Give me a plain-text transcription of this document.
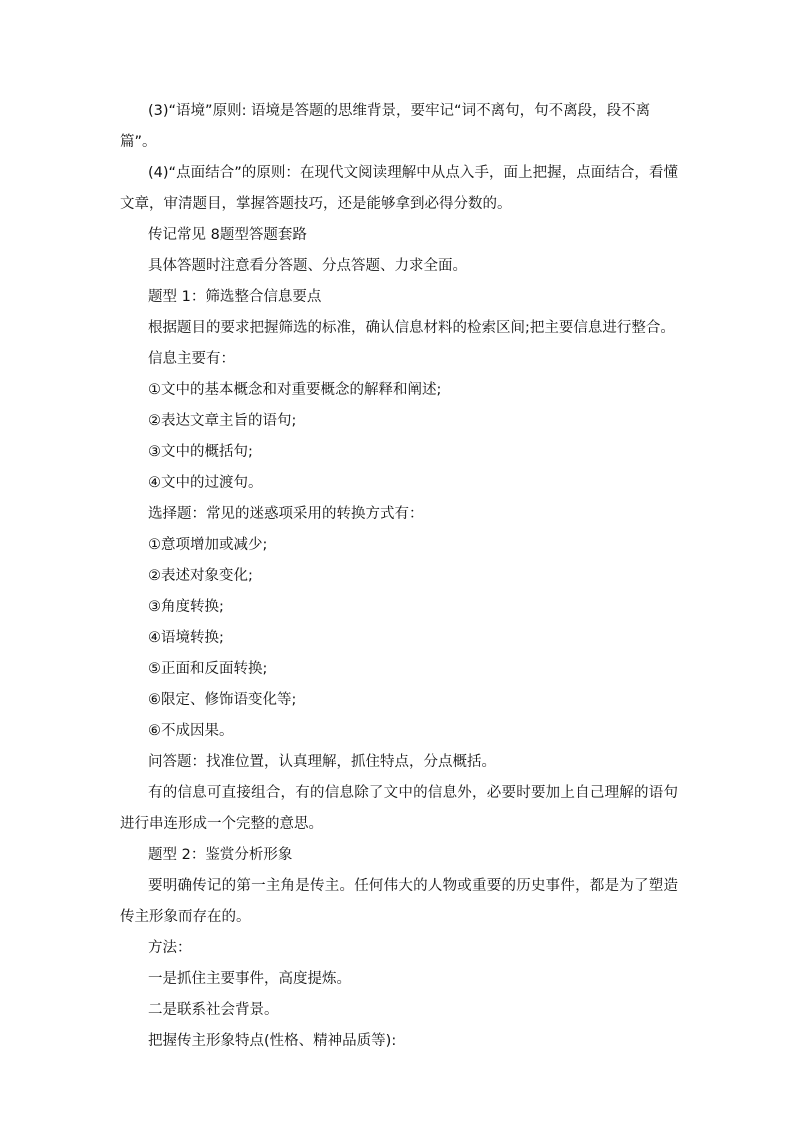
(3)“语境”原则: 语境是答题的思维背景，要牢记“词不离句，句不离段，段不离篇”。

(4)“点面结合”的原则：在现代文阅读理解中从点入手，面上把握，点面结合，看懂文章，审清题目，掌握答题技巧，还是能够拿到必得分数的。

传记常见 8题型答题套路

具体答题时注意看分答题、分点答题、力求全面。

题型 1：筛选整合信息要点

根据题目的要求把握筛选的标准，确认信息材料的检索区间;把主要信息进行整合。

信息主要有：

①文中的基本概念和对重要概念的解释和阐述;

②表达文章主旨的语句;

③文中的概括句;

④文中的过渡句。

选择题：常见的迷惑项采用的转换方式有：

①意项增加或减少;

②表述对象变化;

③角度转换;

④语境转换;

⑤正面和反面转换;

⑥限定、修饰语变化等;

⑥不成因果。

问答题：找准位置，认真理解，抓住特点，分点概括。

有的信息可直接组合，有的信息除了文中的信息外，必要时要加上自己理解的语句进行串连形成一个完整的意思。

题型 2：鉴赏分析形象

要明确传记的第一主角是传主。任何伟大的人物或重要的历史事件，都是为了塑造传主形象而存在的。

方法：

一是抓住主要事件，高度提炼。

二是联系社会背景。

把握传主形象特点(性格、精神品质等):
